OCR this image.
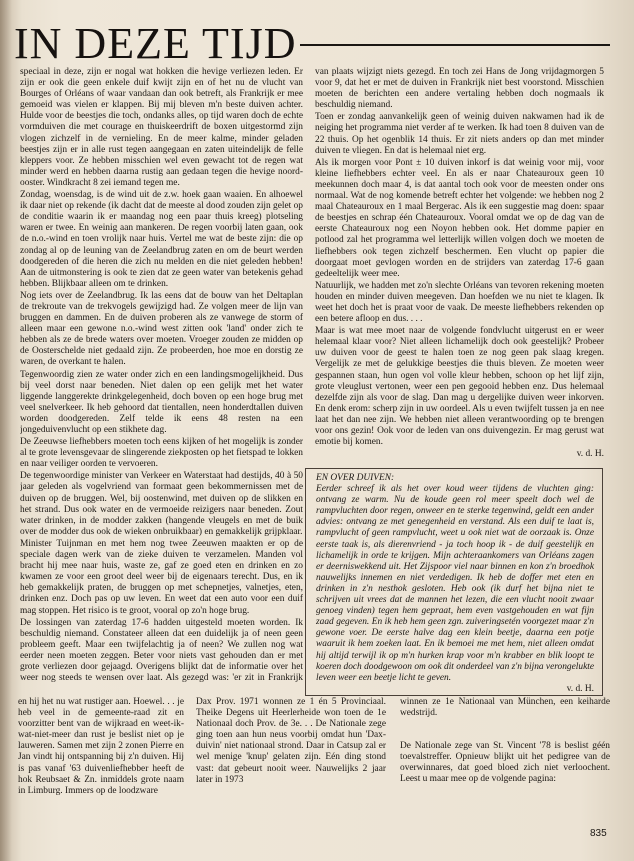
IN DEZE TIJD

speciaal in deze, zijn er nogal wat hokken die hevige verliezen leden. Er zijn er ook die geen enkele duif kwijt zijn en of het nu de vlucht van Bourges of Orléans of waar vandaan dan ook betreft, als Frankrijk er mee gemoeid was vielen er klappen. Bij mij bleven m'n beste duiven achter. Hulde voor de beestjes die toch, ondanks alles, op tijd waren doch de echte vormduiven die met courage en thuiskeerdrift de boxen uitgestormd zijn vlogen zichzelf in de vernieling. En de meer kalme, minder geladen beestjes zijn er in alle rust tegen aangegaan en zaten uiteindelijk de felle kleppers voor. Ze hebben misschien wel even gewacht tot de regen wat minder werd en hebben daarna rustig aan gedaan tegen die hevige noord-ooster. Windkracht 8 zei iemand tegen me.

Zondag, woensdag, is de wind uit de z.w. hoek gaan waaien. En alhoewel ik daar niet op rekende (ik dacht dat de meeste al dood zouden zijn gelet op de conditie waarin ik er maandag nog een paar thuis kreeg) plotseling waren er twee. En weinig aan mankeren. De regen voorbij laten gaan, ook de n.o.-wind en toen vrolijk naar huis. Vertel me wat de beste zijn: die op zondag al op de leuning van de Zeelandbrug zaten en om de beurt werden doodgereden of die heren die zich nu melden en die niet geleden hebben! Aan de uitmonstering is ook te zien dat ze geen water van betekenis gehad hebben. Blijkbaar alleen om te drinken.

Nog iets over de Zeelandbrug. Ik las eens dat de bouw van het Deltaplan de trekroute van de trekvogels gewijzigd had. Ze volgen meer de lijn van bruggen en dammen. En de duiven proberen als ze vanwege de storm of alleen maar een gewone n.o.-wind west zitten ook 'land' onder zich te hebben als ze de brede waters over moeten. Vroeger zouden ze midden op de Oosterschelde niet gedaald zijn. Ze probeerden, hoe moe en dorstig ze waren, de overkant te halen.

Tegenwoordig zien ze water onder zich en een landingsmogelijkheid. Dus bij veel dorst naar beneden. Niet dalen op een gelijk met het water liggende langgerekte drinkgelegenheid, doch boven op een hoge brug met veel snelverkeer. Ik heb gehoord dat tientallen, neen honderdtallen duiven worden doodgereden. Zelf telde ik eens 48 resten na een jongeduivenvlucht op een stikhete dag.

De Zeeuwse liefhebbers moeten toch eens kijken of het mogelijk is zonder al te grote levensgevaar de slingerende ziekposten op het fietspad te lokken en naar veiliger oorden te vervoeren.

De tegenwoordige minister van Verkeer en Waterstaat had destijds, 40 à 50 jaar geleden als vogelvriend van formaat geen bekommernissen met de duiven op de bruggen. Wel, bij oostenwind, met duiven op de slikken en het strand. Dus ook water en de vermoeide reizigers naar beneden. Zout water drinken, in de modder zakken (hangende vleugels en met de buik over de modder dus ook de wieken onbruikbaar) en gemakkelijk grijpklaar.

Minister Tuijnman en met hem nog twee Zeeuwen maakten er op de speciale dagen werk van de zieke duiven te verzamelen. Manden vol bracht hij mee naar huis, waste ze, gaf ze goed eten en drinken en zo kwamen ze voor een groot deel weer bij de eigenaars terecht. Dus, en ik heb gemakkelijk praten, de bruggen op met schepnetjes, valnetjes, eten, drinken enz. Doch pas op uw leven. En weet dat een auto voor een duif mag stoppen. Het risico is te groot, vooral op zo'n hoge brug.

De lossingen van zaterdag 17-6 hadden uitgesteld moeten worden. Ik beschuldig niemand. Constateer alleen dat een duidelijk ja of neen geen probleem geeft. Maar een twijfelachtig ja of neen? We zullen nog wat eerder neen moeten zeggen. Beter voor niets vast gehouden dan er met grote verliezen door gejaagd. Overigens blijkt dat de informatie over het weer nog steeds te wensen over laat. Als gezegd was: 'er zit in Frankrijk

van plaats wijzigt niets gezegd. En toch zei Hans de Jong vrijdagmorgen 5 voor 9, dat het er met de duiven in Frankrijk niet best voorstond. Misschien moeten de berichten een andere vertaling hebben doch nogmaals ik beschuldig niemand.

Toen er zondag aanvankelijk geen of weinig duiven nakwamen had ik de neiging het programma niet verder af te werken. Ik had toen 8 duiven van de 22 thuis. Op het ogenblik 14 thuis. Er zit niets anders op dan met minder duiven te vliegen. En dat is helemaal niet erg.

Als ik morgen voor Pont ± 10 duiven inkorf is dat weinig voor mij, voor kleine liefhebbers echter veel. En als er naar Chateauroux geen 10 meekunnen doch maar 4, is dat aantal toch ook voor de meesten onder ons normaal. Wat de nog komende betreft echter het volgende: we hebben nog 2 maal Chateauroux en 1 maal Bergerac. Als ik een suggestie mag doen: spaar de beestjes en schrap één Chateauroux. Vooral omdat we op de dag van de eerste Chateauroux nog een Noyon hebben ook. Het domme papier en potlood zal het programma wel letterlijk willen volgen doch we moeten de liefhebbers ook tegen zichzelf beschermen. Een vlucht op papier die doorgaat moet gevlogen worden en de strijders van zaterdag 17-6 gaan gedeeltelijk weer mee.

Natuurlijk, we hadden met zo'n slechte Orléans van tevoren rekening moeten houden en minder duiven meegeven. Dan hoefden we nu niet te klagen. Ik weet het doch het is praat voor de vaak. De meeste liefhebbers rekenden op een betere afloop en dus. . . .

Maar is wat mee moet naar de volgende fondvlucht uitgerust en er weer helemaal klaar voor? Niet alleen lichamelijk doch ook geestelijk? Probeer uw duiven voor de geest te halen toen ze nog geen pak slaag kregen. Vergelijk ze met de gelukkige beestjes die thuis bleven. Ze moeten weer gespannen staan, hun ogen vol volle kleur hebben, schoon op het lijf zijn, grote vleuglust vertonen, weer een pen gegooid hebben enz. Dus helemaal dezelfde zijn als voor de slag. Dan mag u dergelijke duiven weer inkorven. En denk erom: scherp zijn in uw oordeel. Als u even twijfelt tussen ja en nee laat het dan nee zijn. We hebben niet alleen verantwoording op te brengen voor ons gezin! Ook voor de leden van ons duivengezin. Er mag gerust wat emotie bij komen.

v. d. H.

EN OVER DUIVEN:

Eerder schreef ik als het over koud weer tijdens de vluchten ging: ontvang ze warm. Nu de koude geen rol meer speelt doch wel de rampvluchten door regen, onweer en te sterke tegenwind, geldt een ander advies: ontvang ze met genegenheid en verstand. Als een duif te laat is, rampvlucht of geen rampvlucht, weet u ook niet wat de oorzaak is. Onze eerste taak is, als dierenvriend - ja toch hoop ik - de duif geestelijk en lichamelijk in orde te krijgen. Mijn achteraankomers van Orléans zagen er deerniswekkend uit. Het Zijspoor viel naar binnen en kon z'n broedhok nauwelijks innemen en niet verdedigen. Ik heb de doffer met eten en drinken in z'n nesthok gesloten. Heb ook (ik durf het bijna niet te schrijven uit vrees dat de mannen het lezen, die een vlucht nooit zwaar genoeg vinden) tegen hem gepraat, hem even vastgehouden en wat fijn zaad gegeven. En ik heb hem geen zgn. zuiveringsetén voorgezet maar z'n gewone voer. De eerste halve dag een klein beetje, daarna een potje waaruit ik hem zoeken laat. En ik bemoei me met hem, niet alleen omdat hij altijd terwijl ik op m'n hurken krap voor m'n krabber en blik loopt te koeren doch doodgewoon om ook dit onderdeel van z'n bijna verongelukte leven weer een beetje licht te geven.

v. d. H.

en hij het nu wat rustiger aan. Hoewel. . . je heb veel in de gemeente-raad zit en voorzitter bent van de wijkraad en weet-ik-wat-niet-meer dan rust je beslist niet op je lauweren. Samen met zijn 2 zonen Pierre en Jan vindt hij ontspanning bij z'n duiven. Hij is pas vanaf '63 duivenliefhebber heeft de hok Reubsaet & Zn. inmiddels grote naam in Limburg. Immers op de loodzware
Dax Prov. 1971 wonnen ze 1 én 5 Provinciaal. Theike Degens uit Heerlerheide won toen de 1e Nationaal doch Prov. de 3e. . . De Nationale zege ging toen aan hun neus voorbij omdat hun 'Dax-duivin' niet nationaal strond. Daar in Catsup zal er wel menige 'knup' gelaten zijn. Eén ding stond vast: dat gebeurt nooit weer. Nauwelijks 2 jaar later in 1973

winnen ze 1e Nationaal van München, een keiharde wedstrijd.

De Nationale zege van St. Vincent '78 is beslist géén toevalstreffer. Opnieuw blijkt uit het pedigree van de overwinnares, dat goed bloed zich niet verloochent. Leest u maar mee op de volgende pagina:

835
